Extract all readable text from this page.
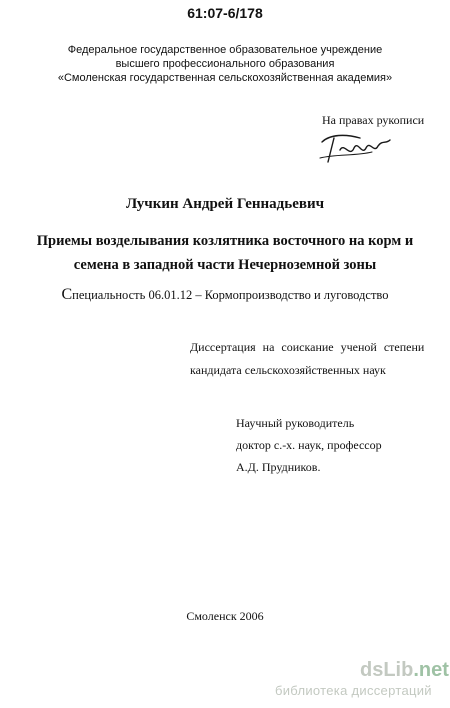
61:07-6/178
Федеральное государственное образовательное учреждение
высшего профессионального образования
«Смоленская государственная сельскохозяйственная академия»
На правах рукописи
Лучкин Андрей Геннадьевич
Приемы возделывания козлятника восточного на корм и
семена в западной части Нечерноземной зоны
Специальность 06.01.12 – Кормопроизводство и луговодство
Диссертация на соискание ученой степени
кандидата сельскохозяйственных наук
Научный руководитель
доктор с.-х. наук, профессор
А.Д. Прудников.
Смоленск 2006
dsLib.net
библиотека диссертаций
